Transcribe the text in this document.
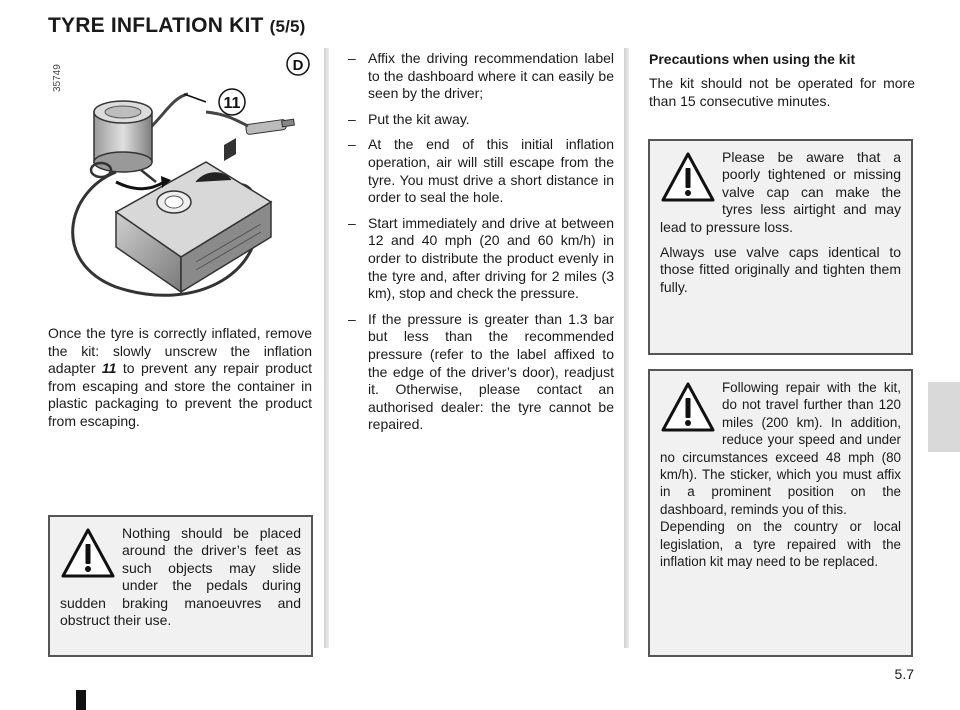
TYRE INFLATION KIT (5/5)
35749
11
D
Once the tyre is correctly inflated, remove the kit: slowly unscrew the inflation adapter 11 to prevent any repair product from escaping and store the container in plastic packaging to prevent the product from escaping.

Nothing should be placed around the driver’s feet as such objects may slide under the pedals during sudden braking manoeuvres and obstruct their use.

– Affix the driving recommendation label to the dashboard where it can easily be seen by the driver;
– Put the kit away.
– At the end of this initial inflation operation, air will still escape from the tyre. You must drive a short distance in order to seal the hole.
– Start immediately and drive at between 12 and 40 mph (20 and 60 km/h) in order to distribute the product evenly in the tyre and, after driving for 2 miles (3 km), stop and check the pressure.
– If the pressure is greater than 1.3 bar but less than the recommended pressure (refer to the label affixed to the edge of the driver’s door), readjust it. Otherwise, please contact an authorised dealer: the tyre cannot be repaired.
Precautions when using the kit
The kit should not be operated for more than 15 consecutive minutes.

Please be aware that a poorly tightened or missing valve cap can make the tyres less airtight and may lead to pressure loss.

Always use valve caps identical to those fitted originally and tighten them fully.

Following repair with the kit, do not travel further than 120 miles (200 km). In addition, reduce your speed and under no circumstances exceed 48 mph (80 km/h). The sticker, which you must affix in a prominent position on the dashboard, reminds you of this.

Depending on the country or local legislation, a tyre repaired with the inflation kit may need to be replaced.

5.7
